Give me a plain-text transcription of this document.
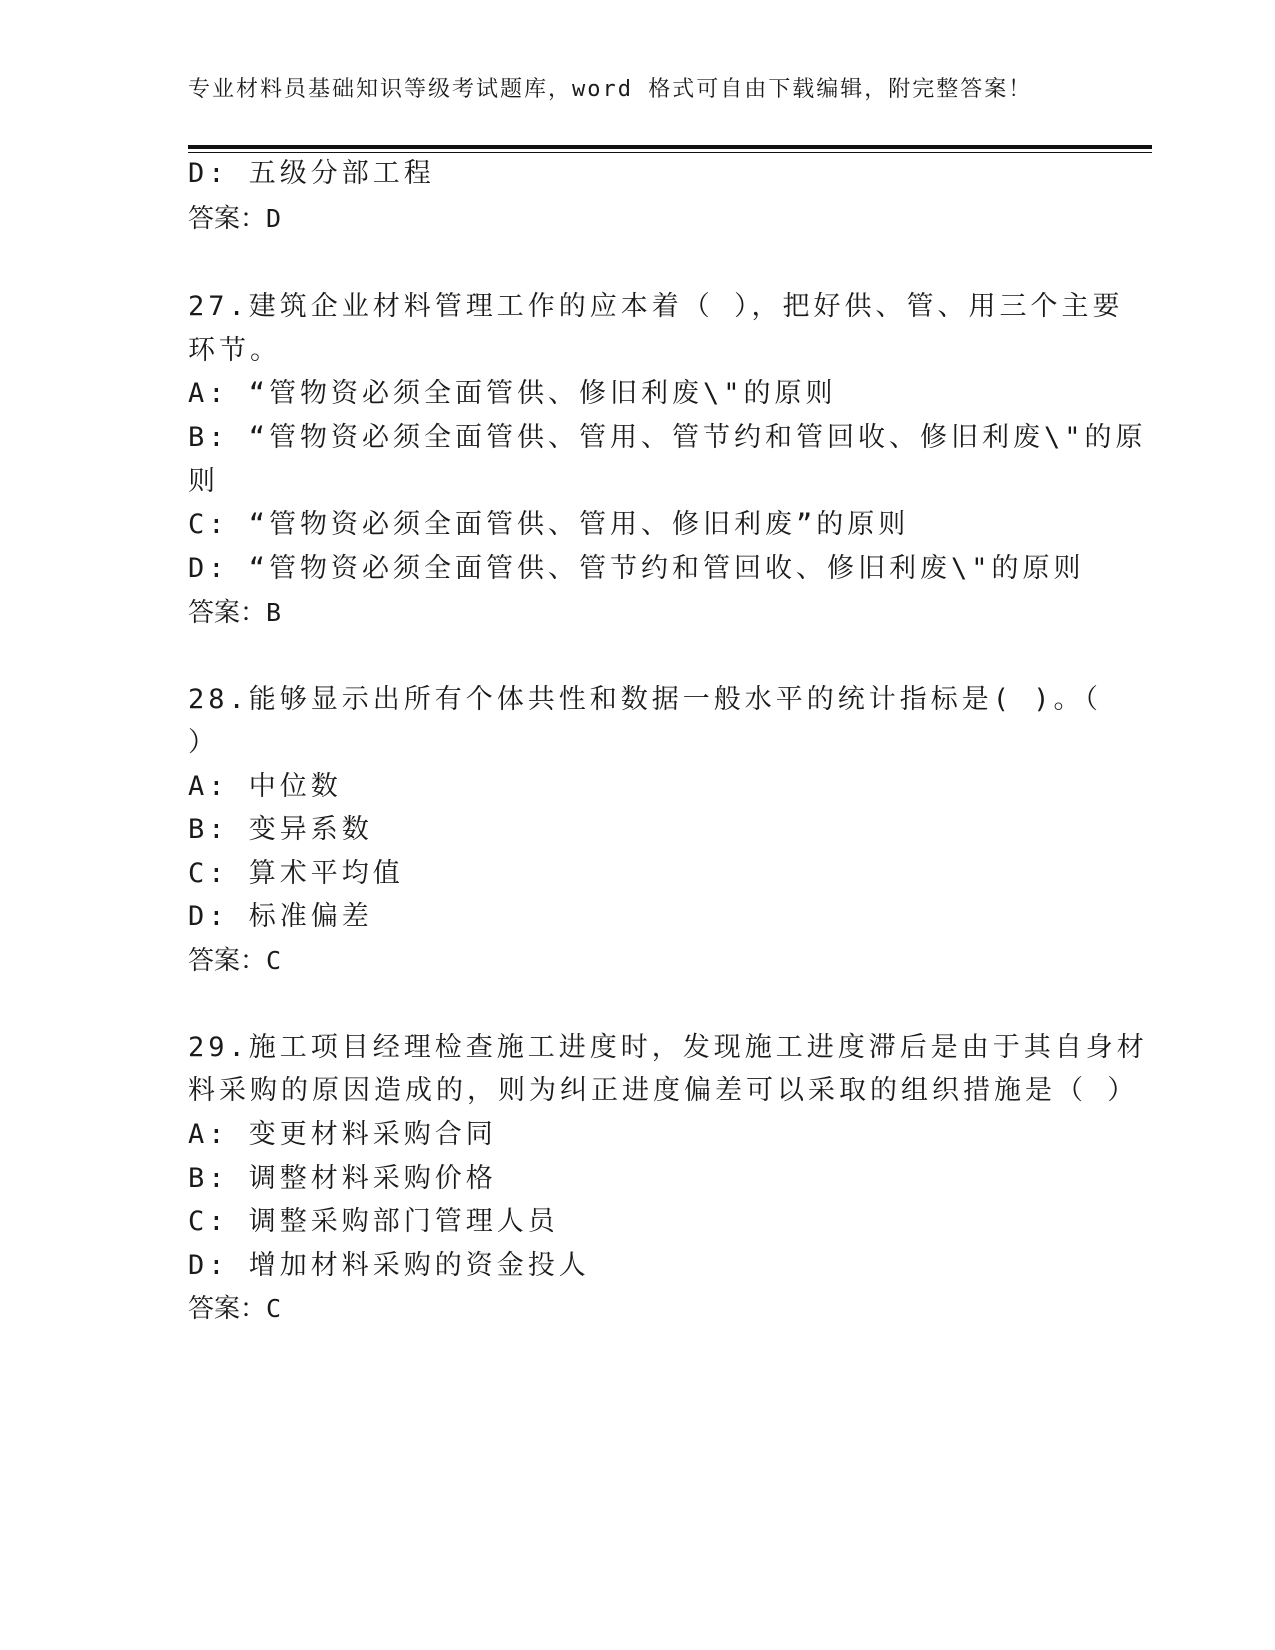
专业材料员基础知识等级考试题库，word 格式可自由下载编辑，附完整答案！
D: 五级分部工程
答案：D
27.建筑企业材料管理工作的应本着（ ），把好供、管、用三个主要
环节。
A: “管物资必须全面管供、修旧利废\"的原则
B: “管物资必须全面管供、管用、管节约和管回收、修旧利废\"的原
则
C: “管物资必须全面管供、管用、修旧利废”的原则
D: “管物资必须全面管供、管节约和管回收、修旧利废\"的原则
答案：B
28.能够显示出所有个体共性和数据一般水平的统计指标是( )。（
）
A: 中位数
B: 变异系数
C: 算术平均值
D: 标准偏差
答案：C
29.施工项目经理检查施工进度时，发现施工进度滞后是由于其自身材
料采购的原因造成的，则为纠正进度偏差可以采取的组织措施是（ ）
A: 变更材料采购合同
B: 调整材料采购价格
C: 调整采购部门管理人员
D: 增加材料采购的资金投人
答案：C
